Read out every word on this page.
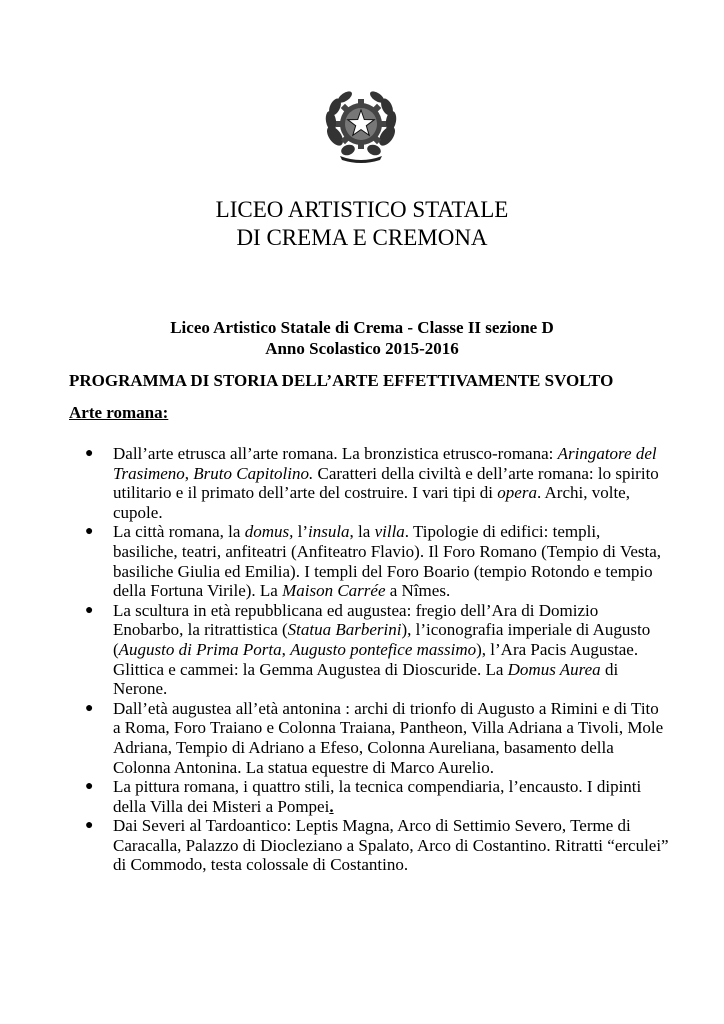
LICEO ARTISTICO STATALE
DI CREMA E CREMONA
Liceo Artistico Statale di Crema - Classe II sezione D
Anno Scolastico 2015-2016
PROGRAMMA DI STORIA DELL’ARTE EFFETTIVAMENTE SVOLTO
Arte romana:
● Dall’arte etrusca all’arte romana. La bronzistica etrusco-romana: Aringatore del Trasimeno, Bruto Capitolino. Caratteri della civiltà e dell’arte romana: lo spirito utilitario e il primato dell’arte del costruire. I vari tipi di opera. Archi, volte, cupole.
● La città romana, la domus, l’insula, la villa. Tipologie di edifici: templi, basiliche, teatri, anfiteatri (Anfiteatro Flavio). Il Foro Romano (Tempio di Vesta, basiliche Giulia ed Emilia). I templi del Foro Boario (tempio Rotondo e tempio della Fortuna Virile). La Maison Carrée a Nîmes.
● La scultura in età repubblicana ed augustea: fregio dell’Ara di Domizio Enobarbo, la ritrattistica (Statua Barberini), l’iconografia imperiale di Augusto (Augusto di Prima Porta, Augusto pontefice massimo), l’Ara Pacis Augustae. Glittica e cammei: la Gemma Augustea di Dioscuride. La Domus Aurea di Nerone.
● Dall’età augustea all’età antonina : archi di trionfo di Augusto a Rimini e di Tito a Roma, Foro Traiano e Colonna Traiana, Pantheon, Villa Adriana a Tivoli, Mole Adriana, Tempio di Adriano a Efeso, Colonna Aureliana, basamento della Colonna Antonina. La statua equestre di Marco Aurelio.
● La pittura romana, i quattro stili, la tecnica compendiaria, l’encausto. I dipinti della Villa dei Misteri a Pompei.
● Dai Severi al Tardoantico: Leptis Magna, Arco di Settimio Severo, Terme di Caracalla, Palazzo di Diocleziano a Spalato, Arco di Costantino. Ritratti “erculei” di Commodo, testa colossale di Costantino.
